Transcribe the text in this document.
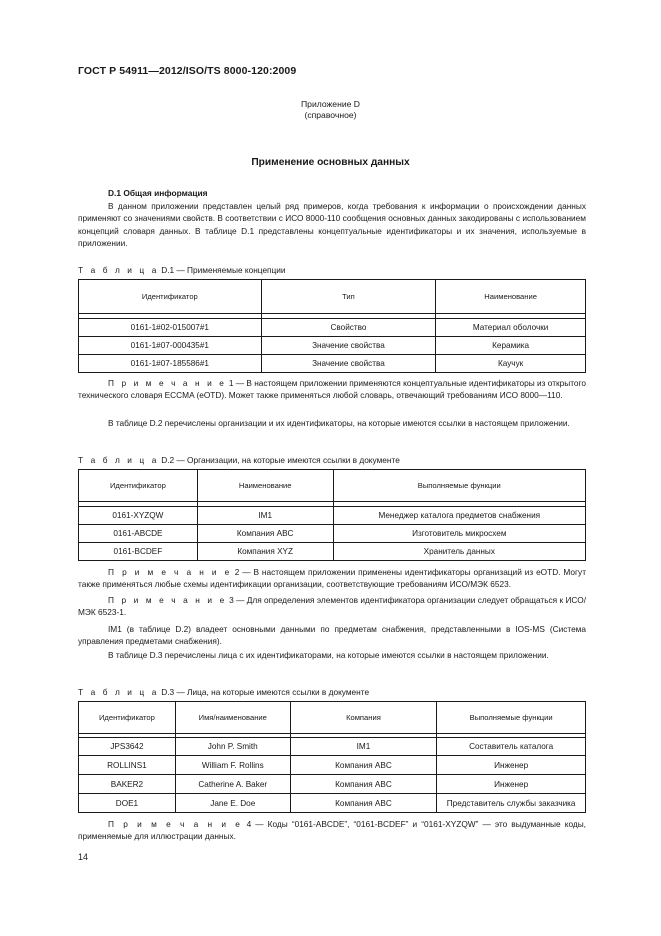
ГОСТ Р 54911—2012/ISO/TS 8000-120:2009
Приложение D
(справочное)
Применение основных данных
D.1 Общая информация
В данном приложении представлен целый ряд примеров, когда требования к информации о происхождении данных применяют со значениями свойств. В соответствии с ИСО 8000-110 сообщения основных данных закодированы с использованием концепций словаря данных. В таблице D.1 представлены концептуальные идентификаторы и их значения, используемые в приложении.
Т а б л и ц а D.1 — Применяемые концепции
Идентификатор	Тип	Наименование

0161-1#02-015007#1	Свойство	Материал оболочки
0161-1#07-000435#1	Значение свойства	Керамика
0161-1#07-185586#1	Значение свойства	Каучук
П р и м е ч а н и е 1 — В настоящем приложении применяются концептуальные идентификаторы из открытого технического словаря ECCMA (eOTD). Может также применяться любой словарь, отвечающий требованиям ИСО 8000—110.
В таблице D.2 перечислены организации и их идентификаторы, на которые имеются ссылки в настоящем приложении.
Т а б л и ц а D.2 — Организации, на которые имеются ссылки в документе
Идентификатор	Наименование	Выполняемые функции

0161-XYZQW	IM1	Менеджер каталога предметов снабжения
0161-ABCDE	Компания ABC	Изготовитель микросхем
0161-BCDEF	Компания XYZ	Хранитель данных
П р и м е ч а н и е 2 — В настоящем приложении применены идентификаторы организаций из eOTD. Могут также применяться любые схемы идентификации организации, соответствующие требованиям ИСО/МЭК 6523.
П р и м е ч а н и е 3 — Для определения элементов идентификатора организации следует обращаться к ИСО/МЭК 6523-1.
IM1 (в таблице D.2) владеет основными данными по предметам снабжения, представленными в IOS-MS (Система управления предметами снабжения).
В таблице D.3 перечислены лица с их идентификаторами, на которые имеются ссылки в настоящем приложении.
Т а б л и ц а D.3 — Лица, на которые имеются ссылки в документе
Идентификатор	Имя/наименование	Компания	Выполняемые функции

JPS3642	John P. Smith	IM1	Составитель каталога
ROLLINS1	William F. Rollins	Компания ABC	Инженер
BAKER2	Catherine A. Baker	Компания ABC	Инженер
DOE1	Jane E. Doe	Компания ABC	Представитель службы заказчика
П р и м е ч а н и е 4 — Коды “0161-ABCDE”, “0161-BCDEF” и “0161-XYZQW” — это выдуманные коды, применяемые для иллюстрации данных.
14
